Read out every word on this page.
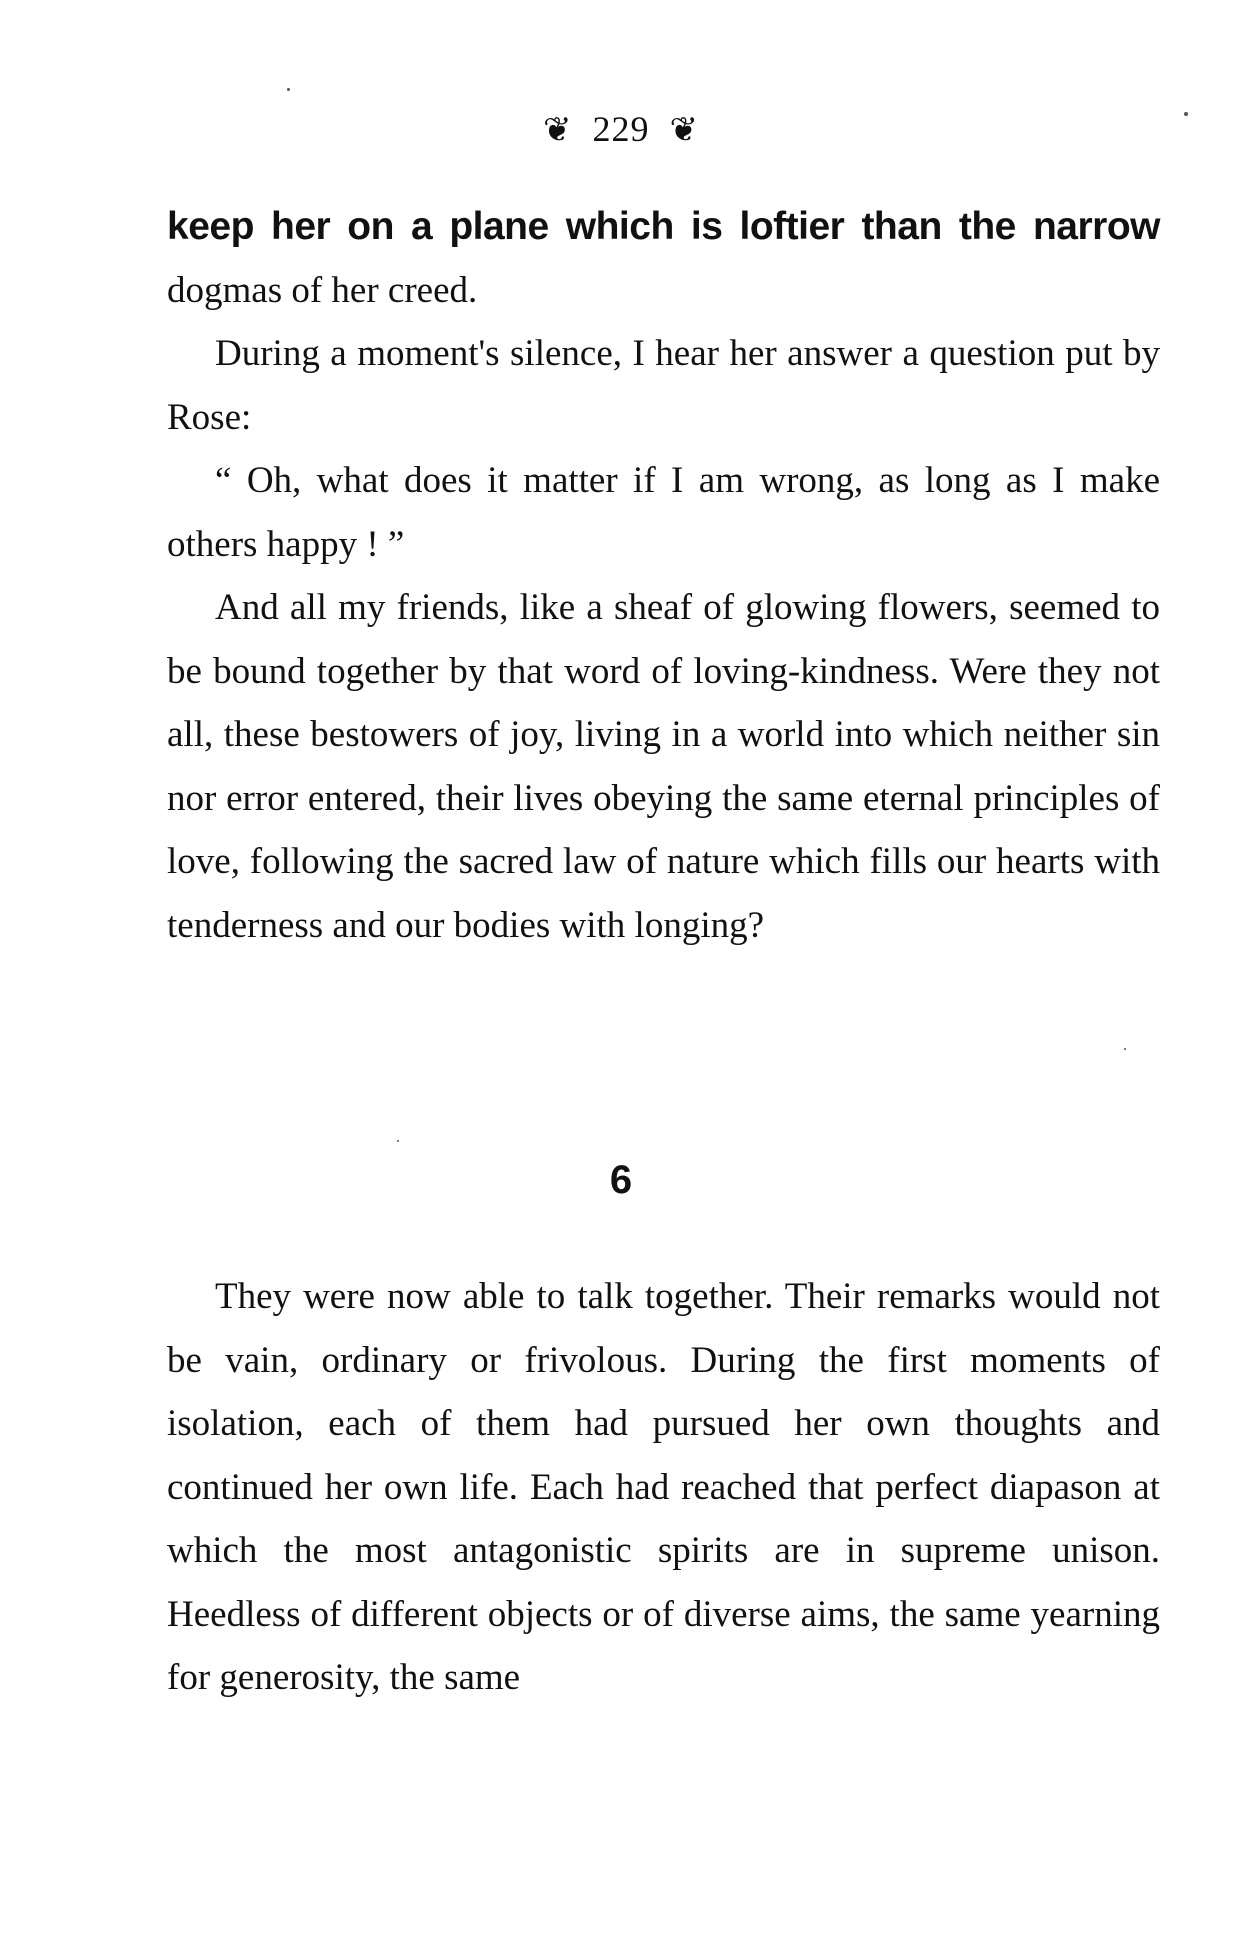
❦ 229 ❦

keep her on a plane which is loftier than the narrow
dogmas of her creed.

During a moment's silence, I hear her answer a question put by Rose:

“ Oh, what does it matter if I am wrong, as long as I make others happy ! ”

And all my friends, like a sheaf of glowing flowers, seemed to be bound together by that word of loving-kindness. Were they not all, these bestowers of joy, living in a world into which neither sin nor error entered, their lives obeying the same eternal principles of love, following the sacred law of nature which fills our hearts with tenderness and our bodies with longing?

6

They were now able to talk together. Their remarks would not be vain, ordinary or frivolous. During the first moments of isolation, each of them had pursued her own thoughts and continued her own life. Each had reached that perfect diapason at which the most antagonistic spirits are in supreme unison. Heedless of different objects or of diverse aims, the same yearning for generosity, the same
